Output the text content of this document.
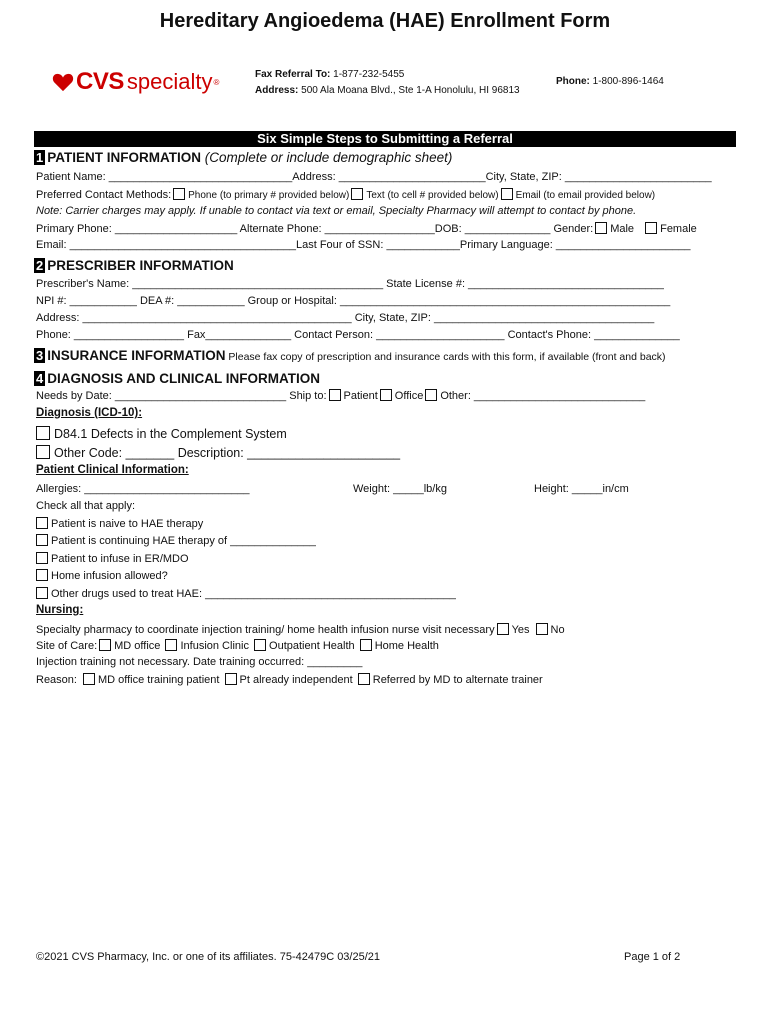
Hereditary Angioedema (HAE) Enrollment Form
CVS specialty ®
Fax Referral To: 1-877-232-5455
Address: 500 Ala Moana Blvd., Ste 1-A Honolulu, HI 96813
Phone: 1-800-896-1464
Six Simple Steps to Submitting a Referral
1 PATIENT INFORMATION (Complete or include demographic sheet)
Patient Name: ______________________________Address: ________________________City, State, ZIP: ________________________
Preferred Contact Methods: Phone (to primary # provided below) Text (to cell # provided below) Email (to email provided below)
Note: Carrier charges may apply. If unable to contact via text or email, Specialty Pharmacy will attempt to contact by phone.
Primary Phone: ____________________ Alternate Phone: __________________DOB: ______________ Gender: Male Female
Email: _____________________________________Last Four of SSN: ____________Primary Language: ______________________
2 PRESCRIBER INFORMATION
Prescriber's Name: _________________________________________ State License #: ________________________________
NPI #: ___________ DEA #: ___________ Group or Hospital: ______________________________________________________
Address: ____________________________________________ City, State, ZIP: ____________________________________
Phone: __________________ Fax______________ Contact Person: _____________________ Contact's Phone: ______________
3 INSURANCE INFORMATION Please fax copy of prescription and insurance cards with this form, if available (front and back)
4 DIAGNOSIS AND CLINICAL INFORMATION
Needs by Date: ____________________________ Ship to: Patient Office Other: ____________________________
Diagnosis (ICD-10):
D84.1 Defects in the Complement System
Other Code: _______ Description: ______________________
Patient Clinical Information:
Allergies: ___________________________	Weight: _____lb/kg	Height: _____in/cm
Check all that apply:
Patient is naive to HAE therapy
Patient is continuing HAE therapy of ______________
Patient to infuse in ER/MDO
Home infusion allowed?
Other drugs used to treat HAE: _________________________________________
Nursing:
Specialty pharmacy to coordinate injection training/ home health infusion nurse visit necessary Yes No
Site of Care: MD office Infusion Clinic Outpatient Health Home Health
Injection training not necessary. Date training occurred: _________
Reason: MD office training patient Pt already independent Referred by MD to alternate trainer
©2021 CVS Pharmacy, Inc. or one of its affiliates. 75-42479C 03/25/21	Page 1 of 2
